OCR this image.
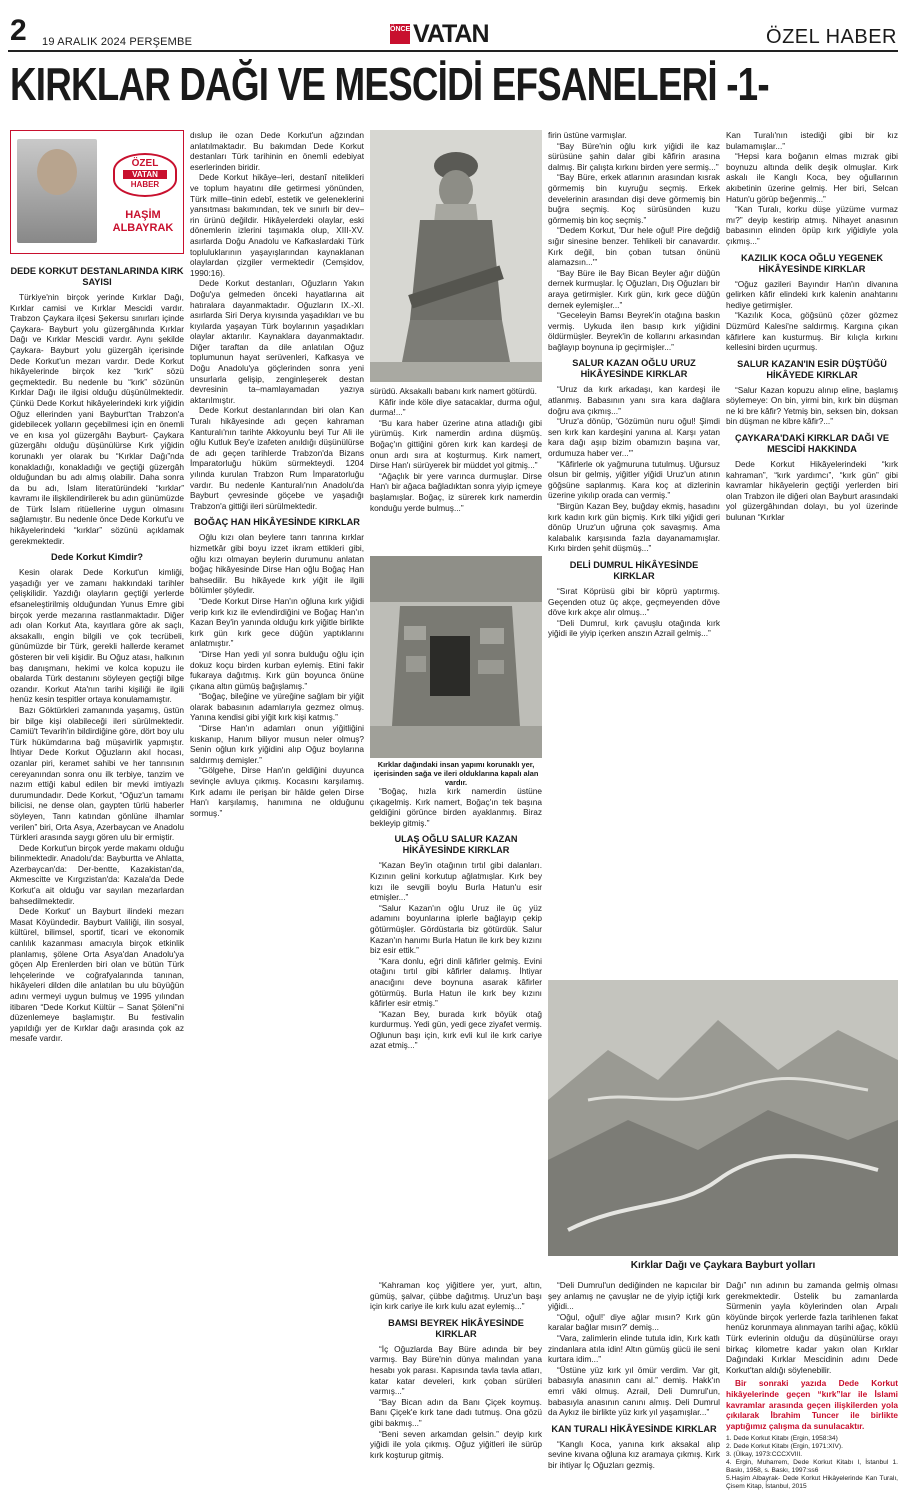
2 19 ARALIK 2024 PERŞEMBE
ÖNCE VATAN	ÖZEL HABER
KIRKLAR DAĞI VE MESCİDİ EFSANELERİ -1-
ÖZEL
VATAN
HABER
HAŞİM
ALBAYRAK
DEDE KORKUT DESTANLARINDA KIRK SAYISI

Türkiye'nin birçok yerinde Kırklar Dağı, Kırklar camisi ve Kırklar Mescidi vardır. Trabzon Çaykara ilçesi Şekersu sınırları içinde Çaykara- Bayburt yolu güzergâhında Kırklar Dağı ve Kırklar Mescidi vardır. Aynı şekilde Çaykara- Bayburt yolu güzergâh içerisinde Dede Korkut'un mezarı vardır. Dede Korkut hikâyelerinde birçok kez “kırk” sözü geçmektedir. Bu nedenle bu “kırk” sözünün Kırklar Dağı ile ilgisi olduğu düşünülmektedir. Çünkü Dede Korkut hikâyelerindeki kırk yiğidin Oğuz ellerinden yani Bayburt'tan Trabzon'a gidebilecek yolların geçebilmesi için en önemli ve en kısa yol güzergâhı Bayburt- Çaykara güzergâhı olduğu düşünülürse Kırk yiğidin korunaklı yer olarak bu “Kırklar Dağı”nda konakladığı, konakladığı ve geçtiği güzergâh olduğundan bu adı almış olabilir. Daha sonra da bu adı, İslam literatüründeki “kırklar” kavramı ile ilişkilendirilerek bu adın günümüzde de Türk İslam ritüellerine uygun olmasını sağlamıştır. Bu nedenle önce Dede Korkut'u ve hikâyelerindeki “kırklar” sözünü açıklamak gerekmektedir.

Dede Korkut Kimdir?

Kesin olarak Dede Korkut'un kimliği, yaşadığı yer ve zamanı hakkındaki tarihler çelişkilidir. Yazdığı olayların geçtiği yerlerde efsaneleştirilmiş olduğundan Yunus Emre gibi birçok yerde mezarına rastlanmaktadır. Diğer adı olan Korkut Ata, kayıtlara göre ak saçlı, aksakallı, engin bilgili ve çok tecrübeli, günümüzde bir Türk, gerekli hallerde keramet gösteren bir veli kişidir. Bu Oğuz atası, halkının baş danışmanı, hekimi ve kolca kopuzu ile obalarda Türk destanını söyleyen geçtiği bilge ozandır. Korkut Ata'nın tarihi kişiliği ile ilgili henüz kesin tespitler ortaya konulamamıştır.

Bazı Göktürkleri zamanında yaşamış, üstün bir bilge kişi olabileceği ileri sürülmektedir. Camiü't Tevarih'in bildirdiğine göre, dört boy ulu Türk hükümdarına bağ müşavirlik yapmıştır. İhtiyar Dede Korkut Oğuzların akıl hocası, ozanlar piri, keramet sahibi ve her tanrısının cereyanından sonra onu ilk terbiye, tanzim ve nazım ettiği kabul edilen bir mevki imtiyazlı durumundadır. Dede Korkut, “Oğuz'un tamamı bilicisi, ne dense olan, gaypten türlü haberler söyleyen, Tanrı katından gönlüne ilhamlar verilen” biri, Orta Asya, Azerbaycan ve Anadolu Türkleri arasında saygı gören ulu bir ermiştir.

Dede Korkut'un birçok yerde makamı olduğu bilinmektedir. Anadolu'da: Bayburtta ve Ahlatta, Azerbaycan'da: Der-bentte, Kazakistan'da, Akmescitte ve Kırgızistan'da: Kazala'da Dede Korkut'a ait olduğu var sayılan mezarlardan bahsedilmektedir.

Dede Korkut' un Bayburt ilindeki mezarı Masat Köyündedir. Bayburt Valiliği, ilin sosyal, kültürel, bilimsel, sportif, ticari ve ekonomik canlılık kazanması amacıyla birçok etkinlik planlamış, şölene Orta Asya'dan Anadolu'ya göçen Alp Erenlerden biri olan ve bütün Türk lehçelerinde ve coğrafyalarında tanınan, hikâyeleri dilden dile anlatılan bu ulu büyüğün adını vermeyi uygun bulmuş ve 1995 yılından itibaren “Dede Korkut Kültür – Sanat Şöleni”ni düzenlemeye başlamıştır. Bu festivalin yapıldığı yer de Kırklar dağı arasında çok az mesafe vardır.

dıslup ile ozan Dede Korkut'un ağzından anlatılmaktadır. Bu bakımdan Dede Korkut destanları Türk tarihinin en önemli edebiyat eserlerinden biridir.

Dede Korkut hikâye–leri, destanî nitelikleri ve toplum hayatını dile getirmesi yönünden, Türk mille–tinin edebî, estetik ve geleneklerini yansıtması bakımından, tek ve sınırlı bir dev–rin ürünü değildir. Hikâyelerdeki olaylar, eski dönemlerin izlerini taşımakla olup, XIII-XV. asırlarda Doğu Anadolu ve Kafkaslardaki Türk topluluklarının yaşayışlarından kaynaklanan olaylardan çizgiler vermektedir (Cemşidov, 1990:16).

Dede Korkut destanları, Oğuzların Yakın Doğu'ya gelmeden önceki hayatlarına ait hatıralara dayanmaktadır. Oğuzların IX.-XI. asırlarda Siri Derya kıyısında yaşadıkları ve bu kıyılarda yaşayan Türk boylarının yaşadıkları olaylar aktarılır. Kaynaklara dayanmaktadır. Diğer taraftan da dile anlatılan Oğuz toplumunun hayat serüvenleri, Kafkasya ve Doğu Anadolu'ya göçlerinden sonra yeni unsurlarla gelişip, zenginleşerek destan devresinin ta–mamlayamadan yazıya aktarılmıştır.

Dede Korkut destanlarından biri olan Kan Turalı hikâyesinde adı geçen kahraman Kanturalı'nın tarihte Akkoyunlu beyi Tur Ali ile oğlu Kutluk Bey'e izafeten anıldığı düşünülürse de adı geçen tarihlerde Trabzon'da Bizans İmparatorluğu hüküm sürmekteydi. 1204 yılında kurulan Trabzon Rum İmparatorluğu vardır. Bu nedenle Kanturalı'nın Anadolu'da Bayburt çevresinde göçebe ve yaşadığı Trabzon'a gittiği ileri sürülmektedir.

BOĞAÇ HAN HİKÂYESİNDE KIRKLAR

Oğlu kızı olan beylere tanrı tanrına kırklar hizmetkâr gibi boyu izzet ikram ettikleri gibi, oğlu kızı olmayan beylerin durumunu anlatan boğaç hikâyesinde Dirse Han oğlu Boğaç Han bahsedilir. Bu hikâyede kırk yiğit ile ilgili bölümler şöyledir.

“Dede Korkut Dirse Han'ın oğluna kırk yiğidi verip kırk kız ile evlendirdiğini ve Boğaç Han'ın Kazan Bey'in yanında olduğu kırk yiğitle birlikte kırk gün kırk gece düğün yaptıklarını anlatmıştır.”

“Dirse Han yedi yıl sonra bulduğu oğlu için dokuz koçu birden kurban eylemiş. Etini fakir fukaraya dağıtmış. Kırk gün boyunca önüne çıkana altın gümüş bağışlamış.”

“Boğaç, bileğine ve yüreğine sağlam bir yiğit olarak babasının adamlarıyla gezmez olmuş. Yanına kendisi gibi yiğit kırk kişi katmış.”

“Dirse Han'ın adamları onun yiğitliğini kıskanıp, Hanım biliyor musun neler olmuş? Senin oğlun kırk yiğidini alıp Oğuz boylarına saldırmış demişler.”

“Gölgehe, Dirse Han'ın geldiğini duyunca sevinçle avluya çıkmış. Kocasını karşılamış. Kırk adamı ile perişan bir hâlde gelen Dirse Han'ı karşılamış, hanımına ne olduğunu sormuş.”

sürüdü. Aksakallı babanı kırk namert götürdü.

Kâfir inde köle diye satacaklar, durma oğul, durma!...”

“Bu kara haber üzerine atına atladığı gibi yürümüş. Kırk namerdin ardına düşmüş. Boğaç'ın gittiğini gören kırk kan kardeşi de onun ardı sıra at koşturmuş. Kırk namert, Dirse Han'ı sürüyerek bir müddet yol gitmiş...”

“Ağaçlık bir yere varınca durmuşlar. Dirse Han'ı bir ağaca bağladıktan sonra yiyip içmeye başlamışlar. Boğaç, iz sürerek kırk namerdin konduğu yerde bulmuş...”

Kırklar dağındaki insan yapımı korunaklı yer, içerisinden sağa ve ileri olduklarına kapalı alan vardır.

“Boğaç, hızla kırk namerdin üstüne çıkagelmiş. Kırk namert, Boğaç'ın tek başına geldiğini görünce birden ayaklanmış. Biraz bekleyip gitmiş.”

ULAŞ OĞLU SALUR KAZAN HİKÂYESİNDE KIRKLAR

“Kazan Bey'in otağının tırtıl gibi dalanları. Kızının gelini korkutup ağlatmışlar. Kırk bey kızı ile sevgili boylu Burla Hatun'u esir etmişler...”

“Salur Kazan'ın oğlu Uruz ile üç yüz adamını boyunlarına iplerle bağlayıp çekip götürmüşler. Gördüstarla biz götürdük. Salur Kazan'ın hanımı Burla Hatun ile kırk bey kızını biz esir ettik.”

“Kara donlu, eğri dinli kâfirler gelmiş. Evini otağını tırtıl gibi kâfirler dalamış. İhtiyar anacığını deve boynuna asarak kâfirler götürmüş. Burla Hatun ile kırk bey kızını kâfirler esir etmiş.”

“Kazan Bey, burada kırk böyük otağ kurdurmuş. Yedi gün, yedi gece ziyafet vermiş. Oğlunun başı için, kırk evli kul ile kırk cariye azat etmiş...”

firin üstüne varmışlar.

“Bay Büre'nin oğlu kırk yiğidi ile kaz sürüsüne şahin dalar gibi kâfirin arasına dalmış. Bir çalışta kırkını birden yere sermiş...”

“Bay Büre, erkek atlarının arasından kısrak görmemiş bin kuyruğu seçmiş. Erkek develerinin arasından dişi deve görmemiş bin buğra seçmiş. Koç sürüsünden kuzu görmemiş bin koç seçmiş.”

“Dedem Korkut, 'Dur hele oğul! Pire değdiğ sığır sinesine benzer. Tehlikeli bir canavardır. Kırk değil, bin çoban tutsan önünü alamazsın...'”

“Bay Büre ile Bay Bican Beyler ağır düğün dernek kurmuşlar. İç Oğuzları, Dış Oğuzları bir araya getirmişler. Kırk gün, kırk gece düğün dernek eylemişler...”

“Geceleyin Bamsı Beyrek'in otağına baskın vermiş. Uykuda ilen basıp kırk yiğidini öldürmüşler. Beyrek'in de kollarını arkasından bağlayıp boynuna ip geçirmişler...”

SALUR KAZAN OĞLU URUZ HİKÂYESİNDE KIRKLAR

“Uruz da kırk arkadaşı, kan kardeşi ile atlanmış. Babasının yanı sıra kara dağlara doğru ava çıkmış...”

“Uruz'a dönüp, 'Gözümün nuru oğul! Şimdi sen kırk kan kardeşini yanına al. Karşı yatan kara dağı aşıp bizim obamızın başına var, ordumuza haber ver...'”

“Kâfirlerle ok yağmuruna tutulmuş. Uğursuz olsun bir gelmiş, yiğitler yiğidi Uruz'un atının göğsüne saplanmış. Kara koç at dizlerinin üzerine yıkılıp orada can vermiş.”

“Birgün Kazan Bey, buğday ekmiş, hasadını kırk kadın kırk gün biçmiş. Kırk tilki yiğidi geri dönüp Uruz'un uğruna çok savaşmış. Ama kalabalık karşısında fazla dayanamamışlar. Kırkı birden şehit düşmüş...”

DELİ DUMRUL HİKÂYESİNDE KIRKLAR

“Sırat Köprüsü gibi bir köprü yaptırmış. Geçenden otuz üç akçe, geçmeyenden döve döve kırk akçe alır olmuş...”

“Deli Dumrul, kırk çavuşlu otağında kırk yiğidi ile yiyip içerken anszın Azrail gelmiş...”

Kan Turalı'nın istediği gibi bir kız bulamamışlar...”

“Hepsi kara boğanın elmas mızrak gibi boynuzu altında delik deşik olmuşlar. Kırk askalı ile Kanglı Koca, bey oğullarının akıbetinin üzerine gelmiş. Her biri, Selcan Hatun'u görüp beğenmiş...”

“Kan Turalı, korku düşe yüzüme vurmaz mı?” deyip kestirip atmış. Nihayet anasının babasının elinden öpüp kırk yiğidiyle yola çıkmış...”

KAZILIK KOCA OĞLU YEGENEK HİKÂYESİNDE KIRKLAR

“Oğuz gazileri Bayındır Han'ın divanına gelirken kâfir elindeki kırk kalenin anahtarını hediye getirmişler.

“Kazılık Koca, göğsünü çözer gözmez Düzmürd Kalesi'ne saldırmış. Kargına çıkan kâfirlere kan kusturmuş. Bir kılıçla kırkını kellesini birden uçurmuş.

SALUR KAZAN'IN ESİR DÜŞTÜĞÜ HİKÂYEDE KIRKLAR

“Salur Kazan kopuzu alınıp eline, başlamış söylemeye: On bin, yirmi bin, kırk bin düşman ne ki bre kâfir? Yetmiş bin, seksen bin, doksan bin düşman ne kibre kâfir?...”

ÇAYKARA'DAKİ KIRKLAR DAĞI VE MESCİDİ HAKKINDA

Dede Korkut Hikâyelerindeki “kırk kahraman”, “kırk yardımcı”, “kırk gün” gibi kavramlar hikâyelerin geçtiği yerlerden biri olan Trabzon ile diğeri olan Bayburt arasındaki yol güzergâhından dolayı, bu yol üzerinde bulunan “Kırklar

Kırklar Dağı ve Çaykara Bayburt yolları

“Kahraman koç yiğitlere yer, yurt, altın, gümüş, şalvar, çübbe dağıtmış. Uruz'un başı için kırk cariye ile kırk kulu azat eylemiş...”

BAMSI BEYREK HİKÂYESİNDE KIRKLAR

“İç Oğuzlarda Bay Büre adında bir bey varmış. Bay Büre'nin dünya malından yana hesabı yok parası. Kapısında tavla tavla atları, katar katar develeri, kırk çoban sürüleri varmış...”

“Bay Bican adın da Banı Çiçek koymuş. Banı Çiçek'e kırk tane dadı tutmuş. Ona gözü gibi bakmış...”

“Beni seven arkamdan gelsin.” deyip kırk yiğidi ile yola çıkmış. Oğuz yiğitleri ile sürüp kırk koşturup gitmiş.

“Deli Dumrul'un dediğinden ne kapıcılar bir şey anlamış ne çavuşlar ne de yiyip içtiği kırk yiğidi...

“Oğul, oğul!' diye ağlar mısın? Kırk gün karalar bağlar mısın?' demiş...

“Vara, zalimlerin elinde tutula idin, Kırk katlı zindanlara atıla idin! Altın gümüş gücü ile seni kurtara idim...”

“Üstüne yüz kırk yıl ömür verdim. Var git, babasıyla anasının canı al.” demiş. Hakk'ın emri vâki olmuş. Azrail, Deli Dumrul'un, babasıyla anasının canını almış. Deli Dumrul da Aykız ile birlikte yüz kırk yıl yaşamışlar...”

KAN TURALI HİKÂYESİNDE KIRKLAR

“Kanglı Koca, yanına kırk aksakal alıp sevine kıvana oğluna kız aramaya çıkmış. Kırk bir ihtiyar İç Oğuzları gezmiş.

Dağı” nın adının bu zamanda gelmiş olması gerekmektedir. Üstelik bu zamanlarda Sürmenin yayla köylerinden olan Arpalı köyünde birçok yerlerde fazla tarihlenen fakat henüz korunmaya alınmayan tarihi ağaç, köklü Türk evlerinin olduğu da düşünülürse orayı birkaç kilometre kadar yakın olan Kırklar Dağındaki Kırklar Mescidinin adını Dede Korkut'tan aldığı söylenebilir.

Bir sonraki yazıda Dede Korkut hikâyelerinde geçen “kırk”lar ile İslami kavramlar arasında geçen ilişkilerden yola çıkılarak İbrahim Tuncer ile birlikte yaptığımız çalışma da sunulacaktır.

1. Dede Korkut Kitabı (Ergin, 1958:34)
2. Dede Korkut Kitabı (Ergin, 1971:XIV).
3. (Ülkay, 1973:CCCXVIII.
4. Ergin, Muharrem, Dede Korkut Kitabı I, İstanbul 1. Baskı, 1958, s. Baskı, 1997:ss6
5.Haşim Albayrak- Dede Korkut Hikâyelerinde Kan Turalı, Çisem Kitap, İstanbul, 2015
